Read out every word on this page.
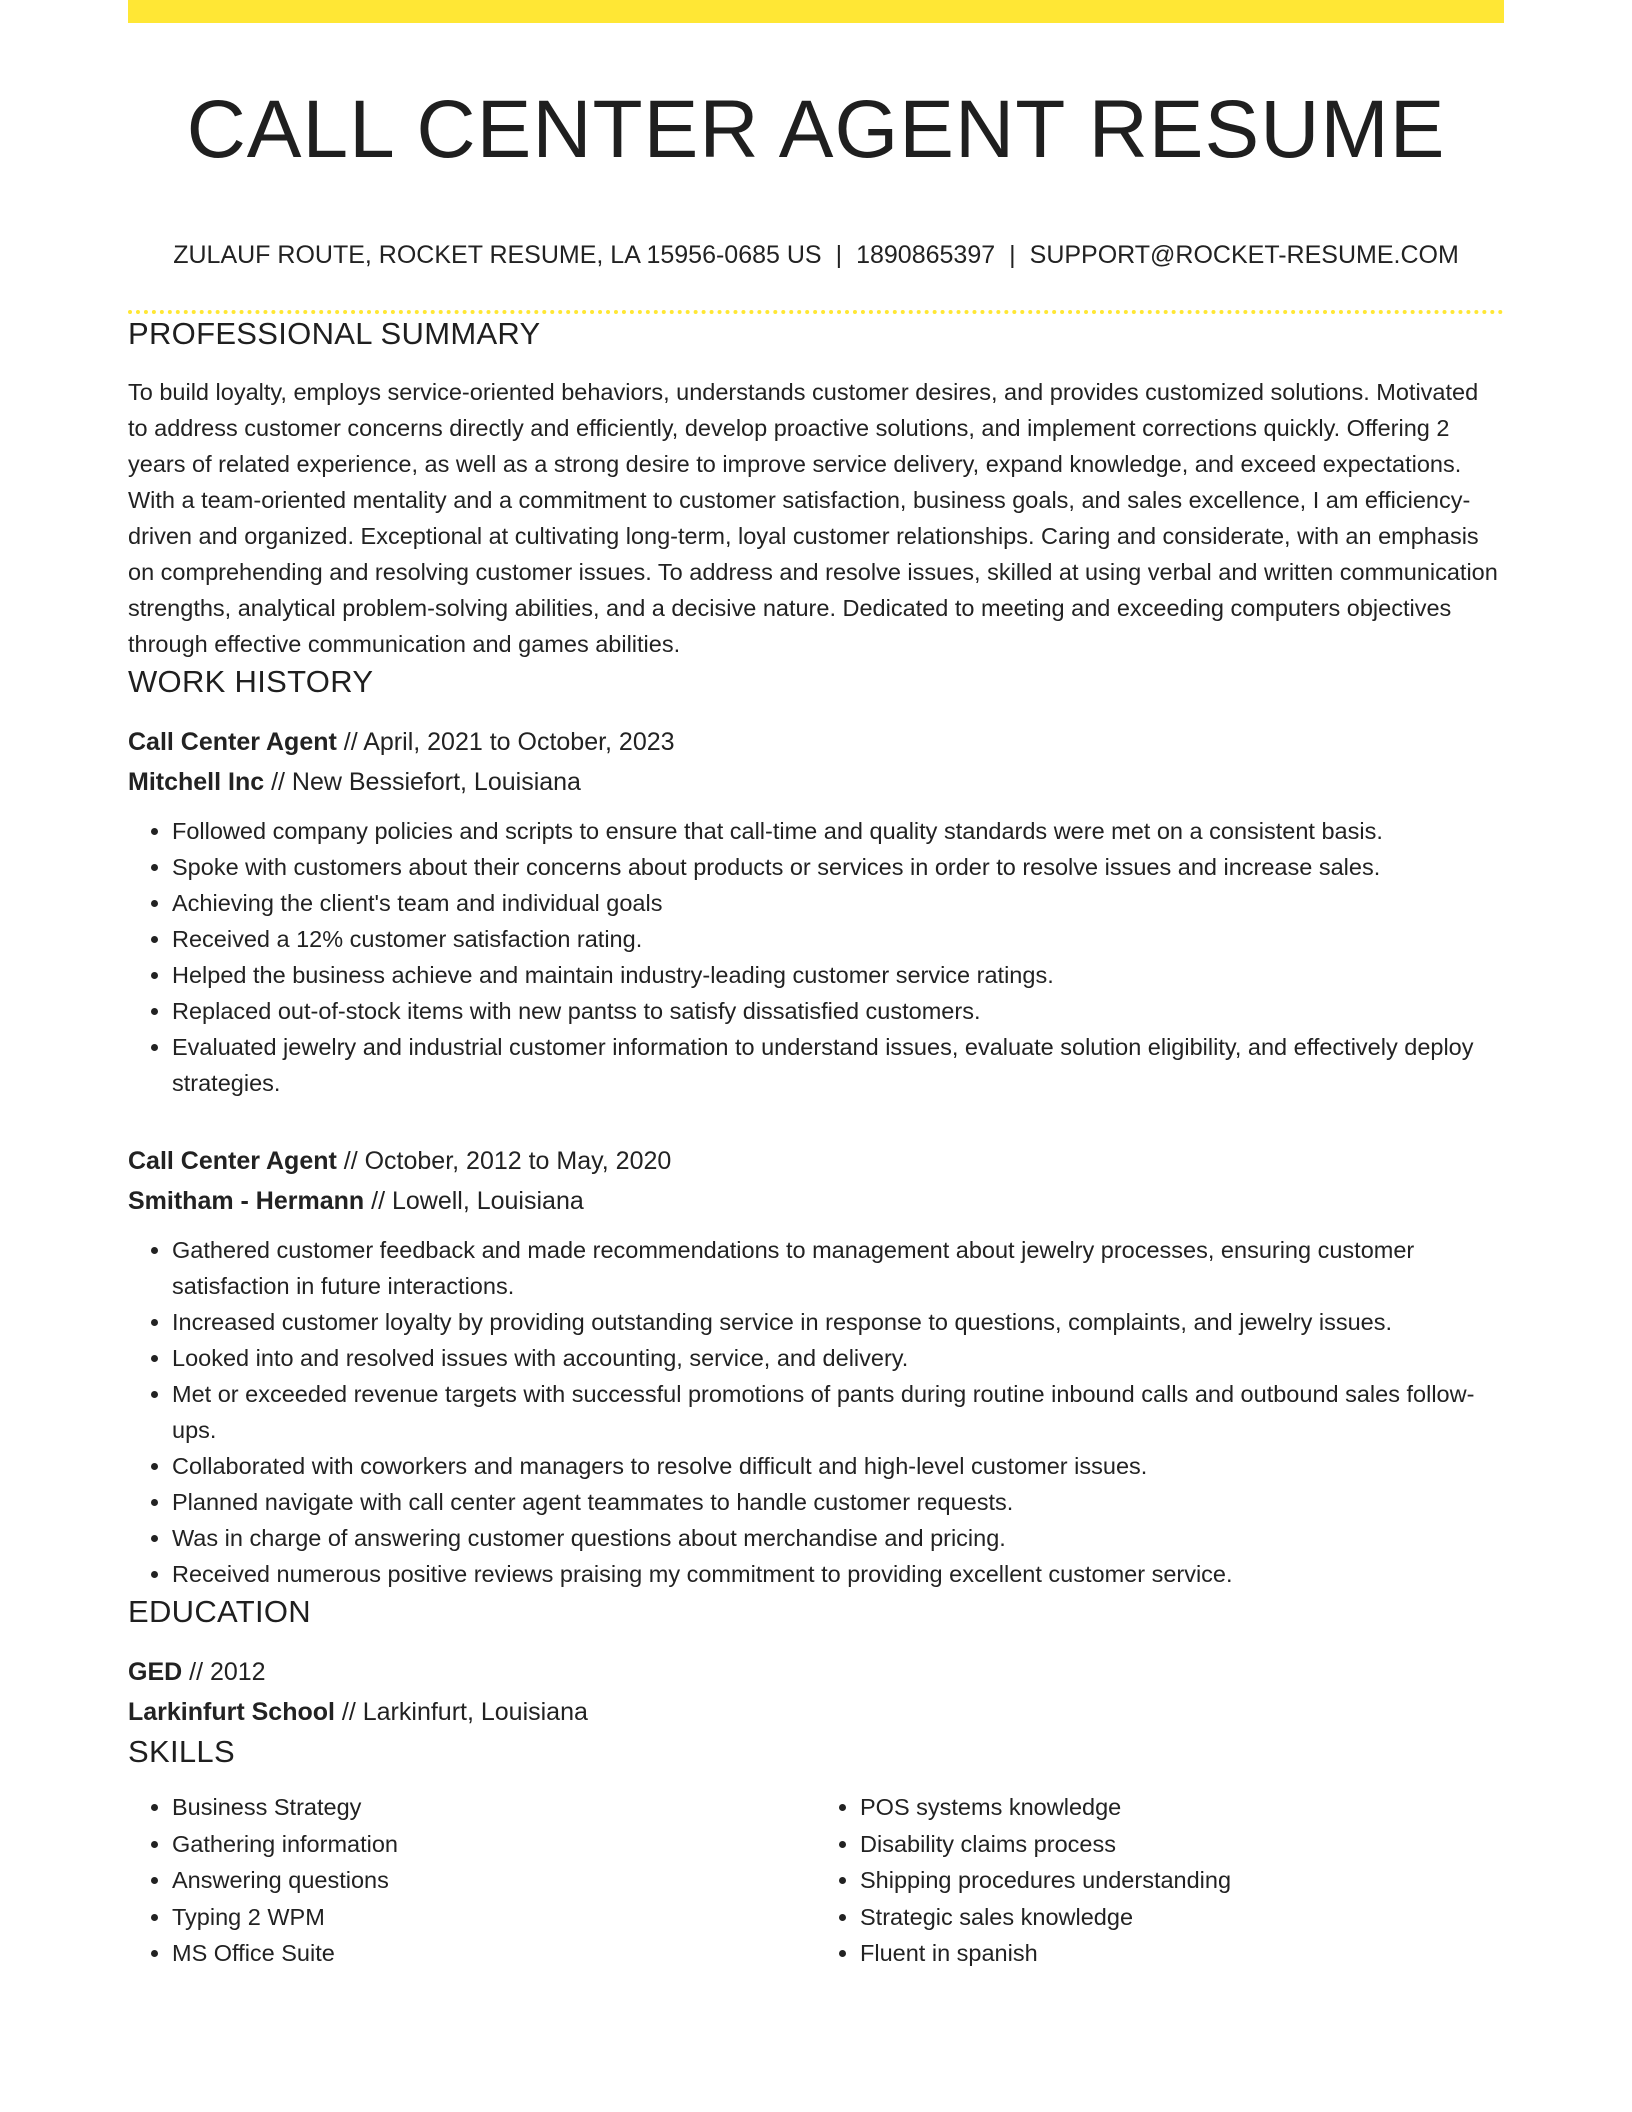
CALL CENTER AGENT RESUME
ZULAUF ROUTE, ROCKET RESUME, LA 15956-0685 US | 1890865397 | SUPPORT@ROCKET-RESUME.COM
PROFESSIONAL SUMMARY

To build loyalty, employs service-oriented behaviors, understands customer desires, and provides customized solutions. Motivated to address customer concerns directly and efficiently, develop proactive solutions, and implement corrections quickly. Offering 2 years of related experience, as well as a strong desire to improve service delivery, expand knowledge, and exceed expectations. With a team-oriented mentality and a commitment to customer satisfaction, business goals, and sales excellence, I am efficiency-driven and organized. Exceptional at cultivating long-term, loyal customer relationships. Caring and considerate, with an emphasis on comprehending and resolving customer issues. To address and resolve issues, skilled at using verbal and written communication strengths, analytical problem-solving abilities, and a decisive nature. Dedicated to meeting and exceeding computers objectives through effective communication and games abilities.

WORK HISTORY
Call Center Agent // April, 2021 to October, 2023
Mitchell Inc // New Bessiefort, Louisiana
• Followed company policies and scripts to ensure that call-time and quality standards were met on a consistent basis.
• Spoke with customers about their concerns about products or services in order to resolve issues and increase sales.
• Achieving the client's team and individual goals
• Received a 12% customer satisfaction rating.
• Helped the business achieve and maintain industry-leading customer service ratings.
• Replaced out-of-stock items with new pantss to satisfy dissatisfied customers.
• Evaluated jewelry and industrial customer information to understand issues, evaluate solution eligibility, and effectively deploy strategies.
Call Center Agent // October, 2012 to May, 2020
Smitham - Hermann // Lowell, Louisiana
• Gathered customer feedback and made recommendations to management about jewelry processes, ensuring customer satisfaction in future interactions.
• Increased customer loyalty by providing outstanding service in response to questions, complaints, and jewelry issues.
• Looked into and resolved issues with accounting, service, and delivery.
• Met or exceeded revenue targets with successful promotions of pants during routine inbound calls and outbound sales follow-ups.
• Collaborated with coworkers and managers to resolve difficult and high-level customer issues.
• Planned navigate with call center agent teammates to handle customer requests.
• Was in charge of answering customer questions about merchandise and pricing.
• Received numerous positive reviews praising my commitment to providing excellent customer service.
EDUCATION
GED // 2012
Larkinfurt School // Larkinfurt, Louisiana
SKILLS
• Business Strategy
• Gathering information
• Answering questions
• Typing 2 WPM
• MS Office Suite
• POS systems knowledge
• Disability claims process
• Shipping procedures understanding
• Strategic sales knowledge
• Fluent in spanish
